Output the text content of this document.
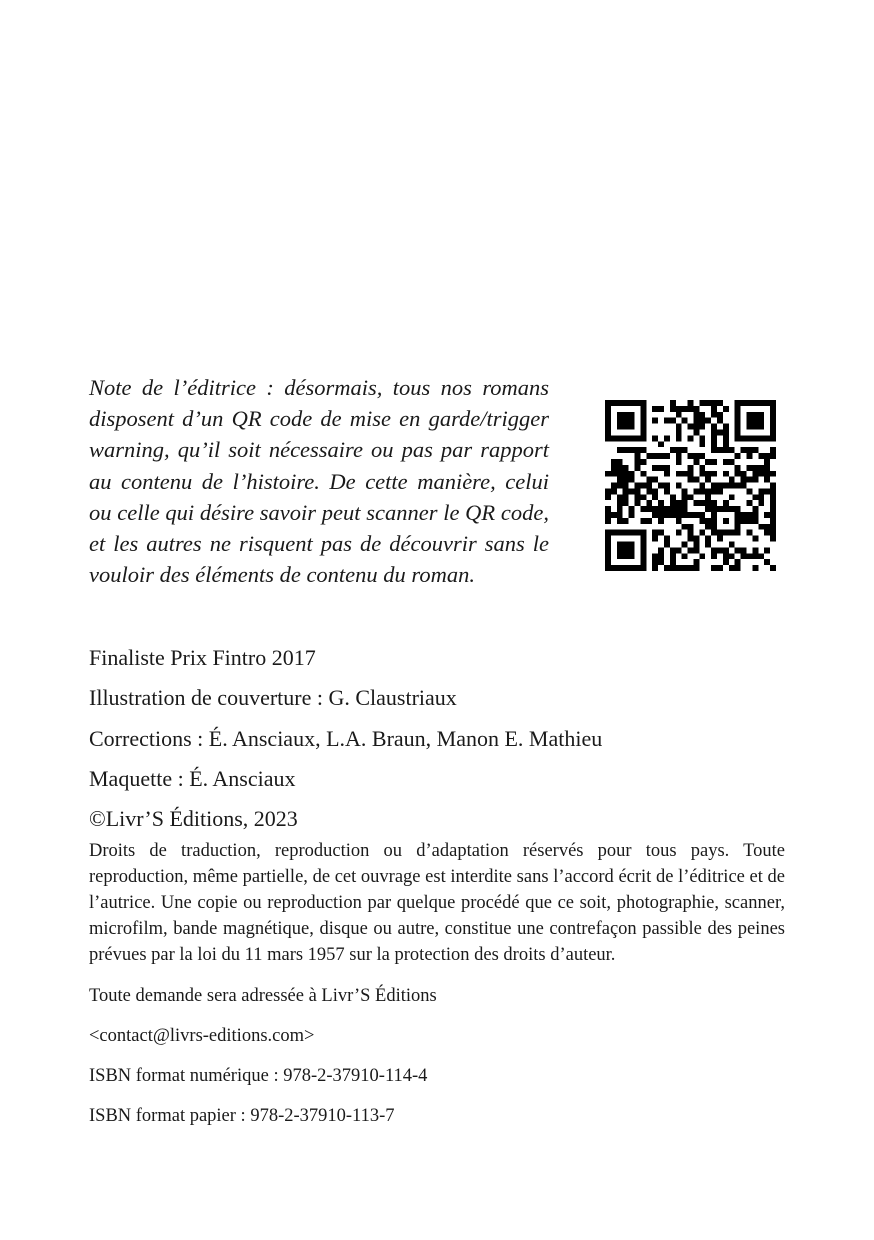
Note de l’éditrice : désormais, tous nos romans disposent d’un QR code de mise en garde/trigger warning, qu’il soit nécessaire ou pas par rapport au contenu de l’histoire. De cette manière, celui ou celle qui désire savoir peut scanner le QR code, et les autres ne risquent pas de découvrir sans le vouloir des éléments de contenu du roman.

Finaliste Prix Fintro 2017

Illustration de couverture : G. Claustriaux

Corrections : É. Ansciaux, L.A. Braun, Manon E. Mathieu

Maquette : É. Ansciaux

©Livr’S Éditions, 2023

Droits de traduction, reproduction ou d’adaptation réservés pour tous pays. Toute reproduction, même partielle, de cet ouvrage est interdite sans l’accord écrit de l’éditrice et de l’autrice. Une copie ou reproduction par quelque procédé que ce soit, photographie, scanner, microfilm, bande magnétique, disque ou autre, constitue une contrefaçon passible des peines prévues par la loi du 11 mars 1957 sur la protection des droits d’auteur.

Toute demande sera adressée à Livr’S Éditions

<contact@livrs-editions.com>

ISBN format numérique : 978-2-37910-114-4

ISBN format papier : 978-2-37910-113-7
